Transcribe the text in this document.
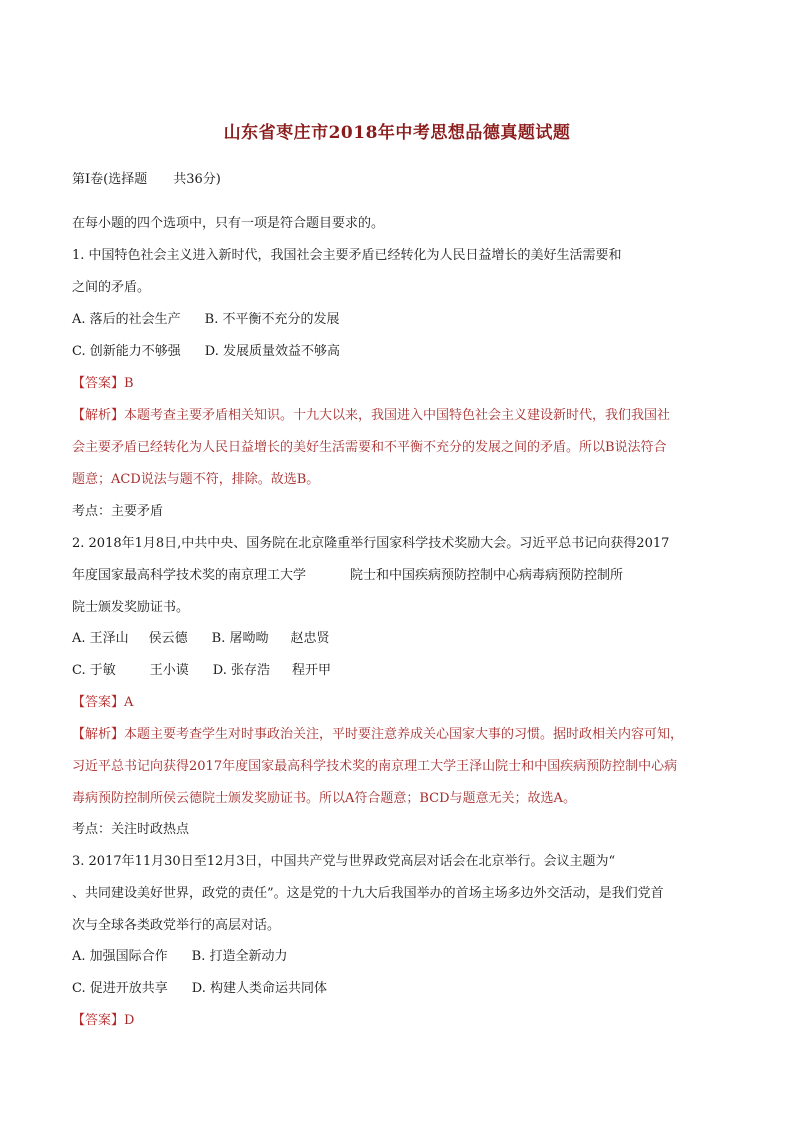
山东省枣庄市2018年中考思想品德真题试题
第Ⅰ卷(选择题 共36分)
在每小题的四个选项中，只有一项是符合题目要求的。
1. 中国特色社会主义进入新时代，我国社会主要矛盾已经转化为人民日益增长的美好生活需要和
之间的矛盾。
A. 落后的社会生产 B. 不平衡不充分的发展
C. 创新能力不够强 D. 发展质量效益不够高
【答案】B
【解析】本题考查主要矛盾相关知识。十九大以来，我国进入中国特色社会主义建设新时代，我们我国社
会主要矛盾已经转化为人民日益增长的美好生活需要和不平衡不充分的发展之间的矛盾。所以B说法符合
题意；ACD说法与题不符，排除。故选B。
考点：主要矛盾
2. 2018年1月8日,中共中央、国务院在北京隆重举行国家科学技术奖励大会。习近平总书记向获得2017
年度国家最高科学技术奖的南京理工大学	院士和中国疾病预防控制中心病毒病预防控制所
院士颁发奖励证书。
A. 王泽山 侯云德 B. 屠呦呦 赵忠贤
C. 于敏	王小谟 D. 张存浩 程开甲
【答案】A
【解析】本题主要考查学生对时事政治关注，平时要注意养成关心国家大事的习惯。据时政相关内容可知，
习近平总书记向获得2017年度国家最高科学技术奖的南京理工大学王泽山院士和中国疾病预防控制中心病
毒病预防控制所侯云德院士颁发奖励证书。所以A符合题意；BCD与题意无关；故选A。
考点：关注时政热点
3. 2017年11月30日至12月3日，中国共产党与世界政党高层对话会在北京举行。会议主题为“
、共同建设美好世界，政党的责任”。这是党的十九大后我国举办的首场主场多边外交活动，是我们党首
次与全球各类政党举行的高层对话。
A. 加强国际合作 B. 打造全新动力
C. 促进开放共享 D. 构建人类命运共同体
【答案】D
